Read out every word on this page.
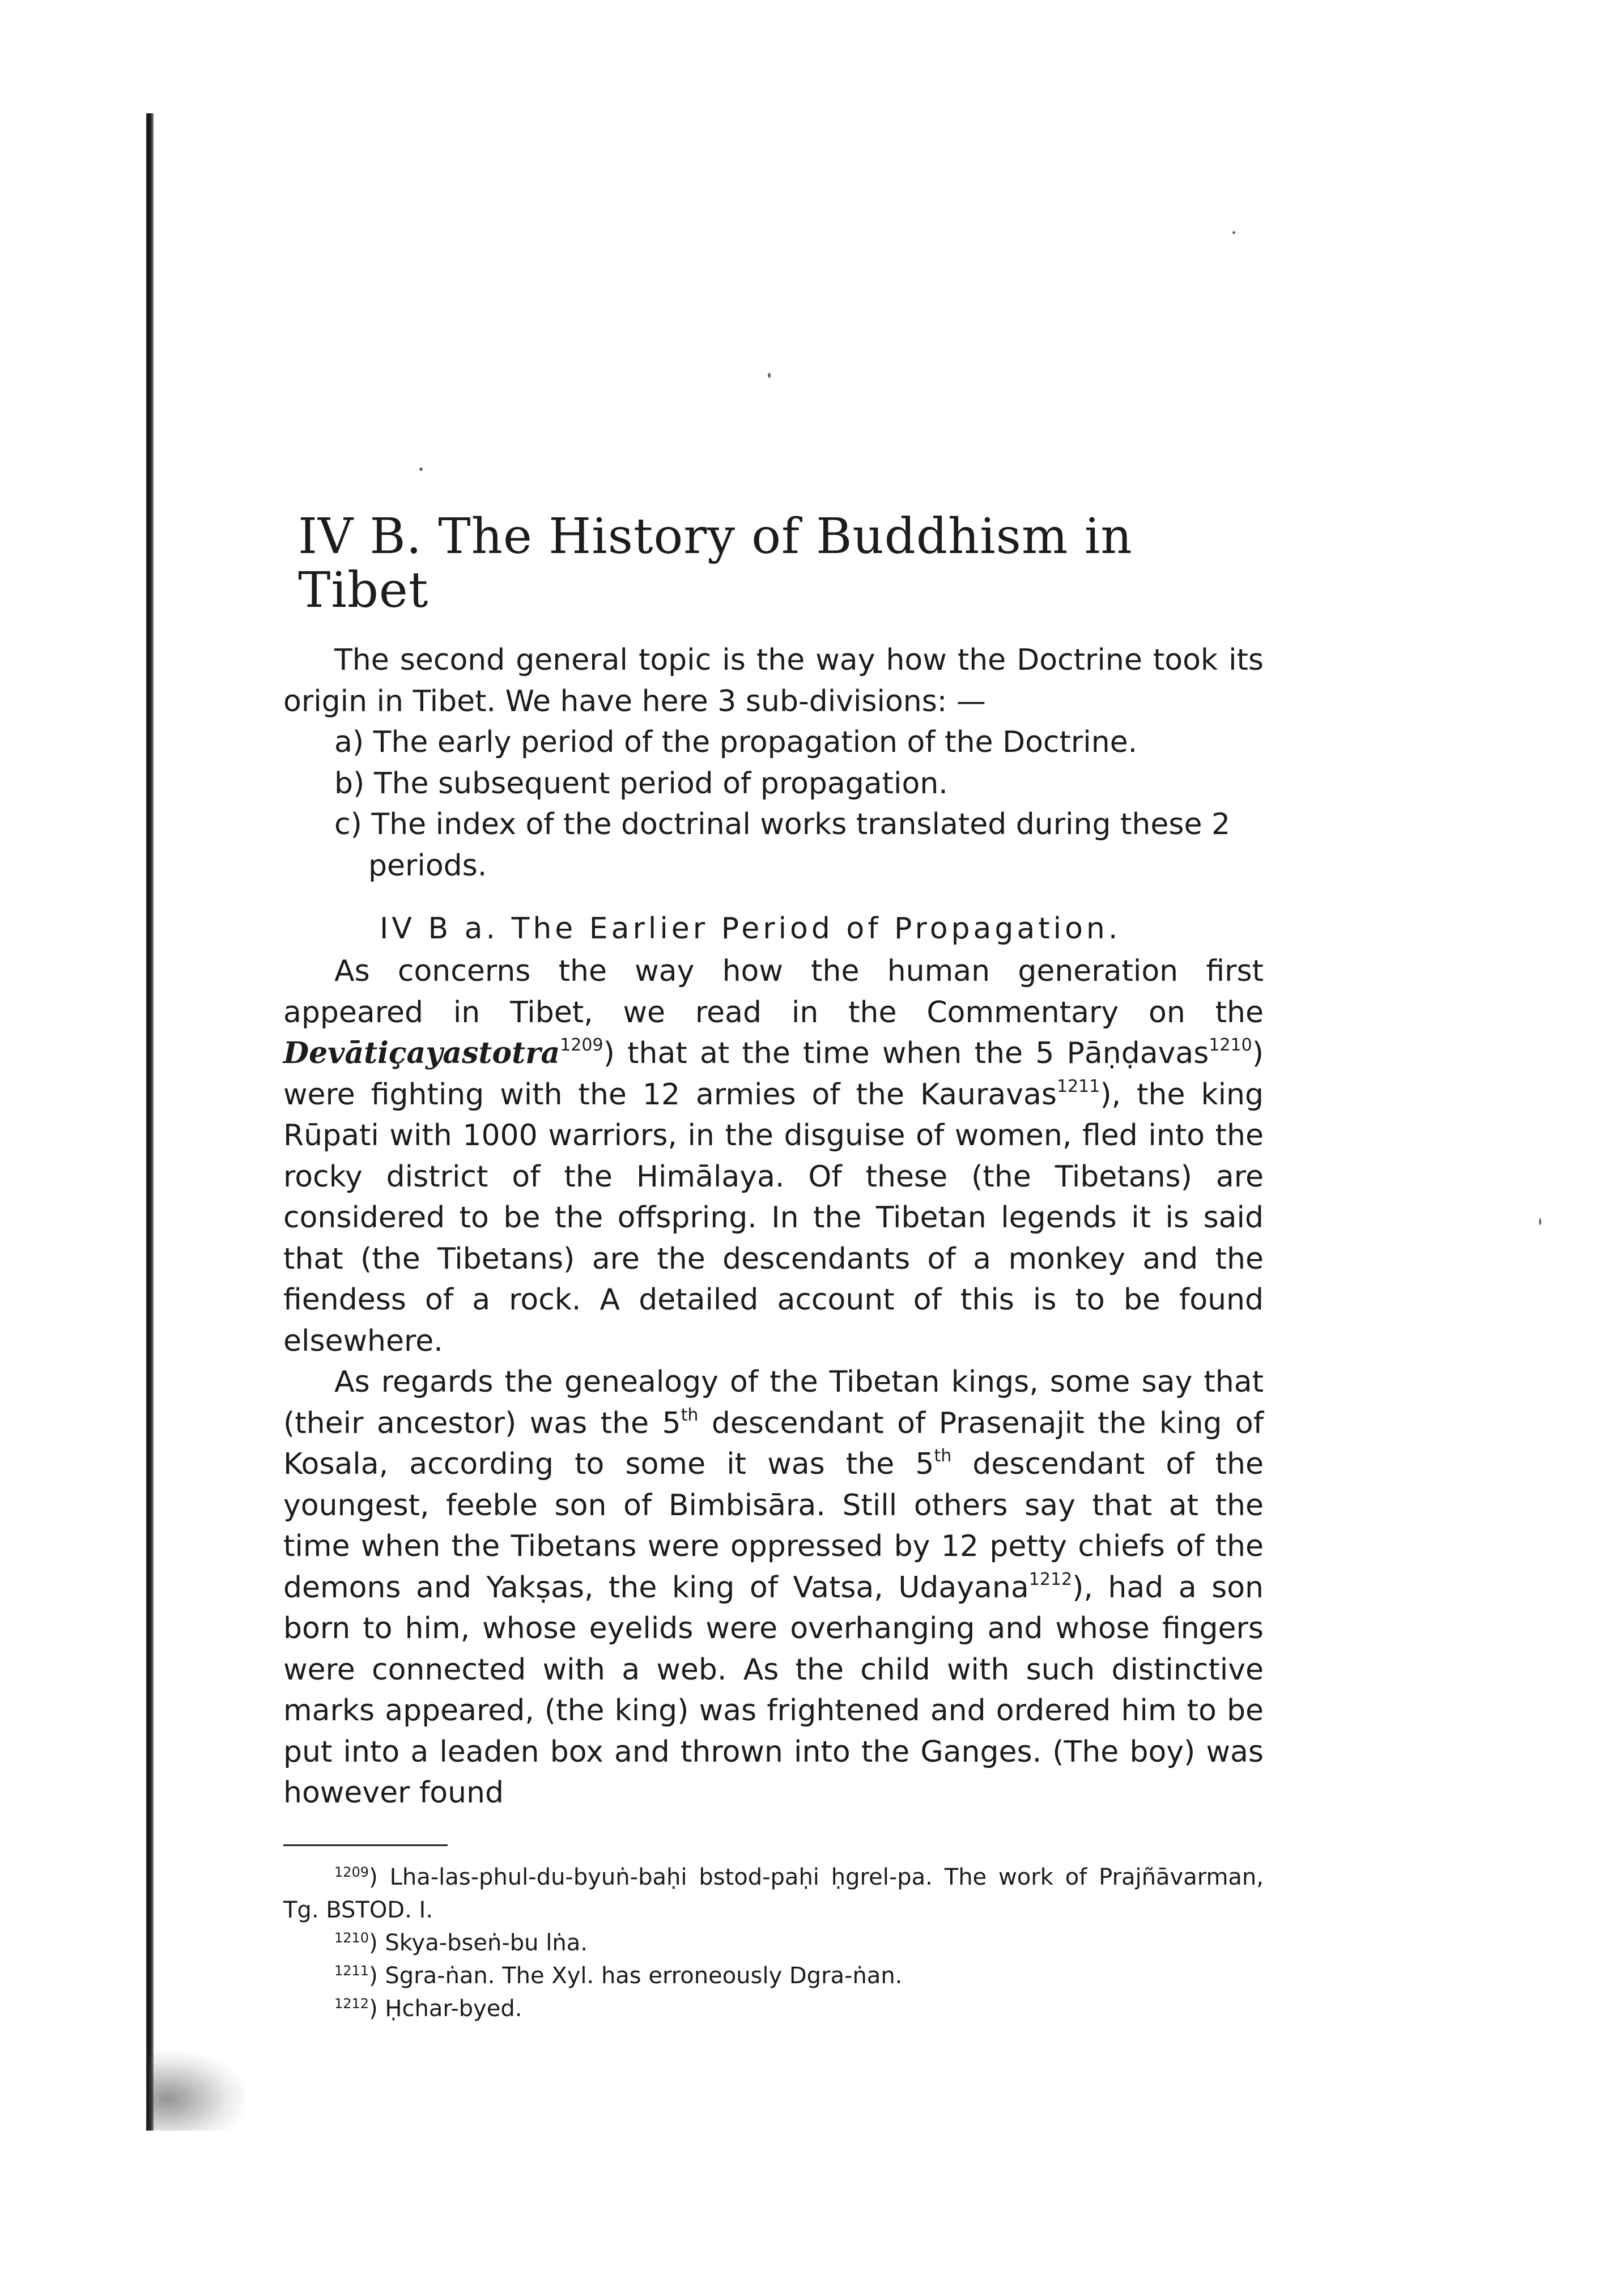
IV B. The History of Buddhism in Tibet

The second general topic is the way how the Doctrine took its origin in Tibet. We have here 3 sub-divisions: —

a) The early period of the propagation of the Doctrine.

b) The subsequent period of propagation.

c) The index of the doctrinal works translated during these 2 periods.

IV B a. The Earlier Period of Propagation.

As concerns the way how the human generation first appeared in Tibet, we read in the Commentary on the Devātiçayastotra$^{1209}$) that at the time when the 5 Pāṇḍavas$^{1210}$) were fighting with the 12 armies of the Kauravas$^{1211}$), the king Rūpati with 1000 warriors, in the disguise of women, fled into the rocky district of the Himālaya. Of these (the Tibetans) are considered to be the offspring. In the Tibetan legends it is said that (the Tibetans) are the descendants of a monkey and the fiendess of a rock. A detailed account of this is to be found elsewhere.

As regards the genealogy of the Tibetan kings, some say that (their ancestor) was the 5th descendant of Prasenajit the king of Kosala, according to some it was the 5th descendant of the youngest, feeble son of Bimbisāra. Still others say that at the time when the Tibetans were oppressed by 12 petty chiefs of the demons and Yakṣas, the king of Vatsa, Udayana$^{1212}$), had a son born to him, whose eyelids were overhanging and whose fingers were connected with a web. As the child with such distinctive marks appeared, (the king) was frightened and ordered him to be put into a leaden box and thrown into the Ganges. (The boy) was however found

$^{1209}$) Lha-las-phul-du-byuṅ-baḥi bstod-paḥi ḥgrel-pa. The work of Prajñāvarman, Tg. BSTOD. I.

$^{1210}$) Skya-bseṅ-bu lṅa.

$^{1211}$) Sgra-ṅan. The Xyl. has erroneously Dgra-ṅan.

$^{1212}$) Ḥchar-byed.
